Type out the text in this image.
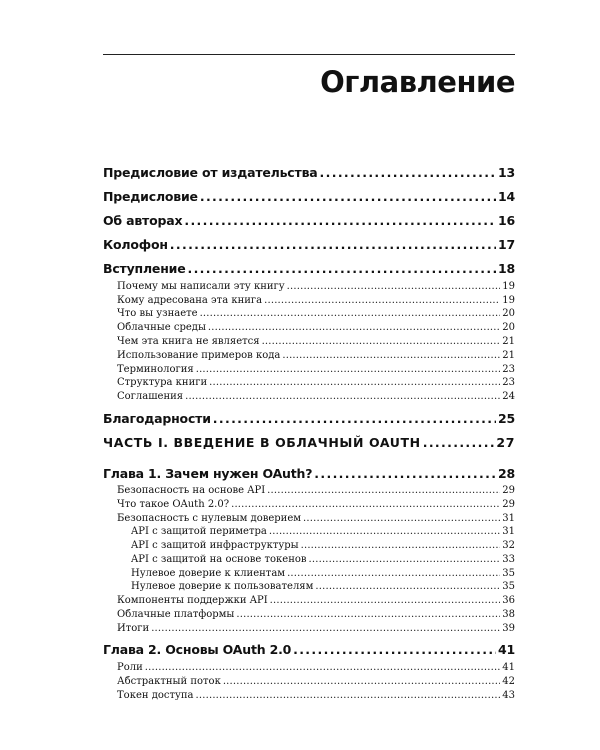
Оглавление
Предисловие от издательства . . .	13
Предисловие . . .	14
Об авторах . . .	16
Колофон . . .	17
Вступление . . .	18
Почему мы написали эту книгу . . .	19
Кому адресована эта книга . . .	19
Что вы узнаете . . .	20
Облачные среды . . .	20
Чем эта книга не является . . .	21
Использование примеров кода . . .	21
Терминология . . .	23
Структура книги . . .	23
Соглашения . . .	24
Благодарности . . .	25
ЧАСТЬ I. ВВЕДЕНИЕ В ОБЛАЧНЫЙ OAUTH . . .	27
Глава 1. Зачем нужен OAuth? . . .	28
Безопасность на основе API . . .	29
Что такое OAuth 2.0? . . .	29
Безопасность с нулевым доверием . . .	31
API с защитой периметра . . .	31
API с защитой инфраструктуры . . .	32
API с защитой на основе токенов . . .	33
Нулевое доверие к клиентам . . .	35
Нулевое доверие к пользователям . . .	35
Компоненты поддержки API . . .	36
Облачные платформы . . .	38
Итоги . . .	39
Глава 2. Основы OAuth 2.0 . . .	41
Роли . . .	41
Абстрактный поток . . .	42
Токен доступа . . .	43
